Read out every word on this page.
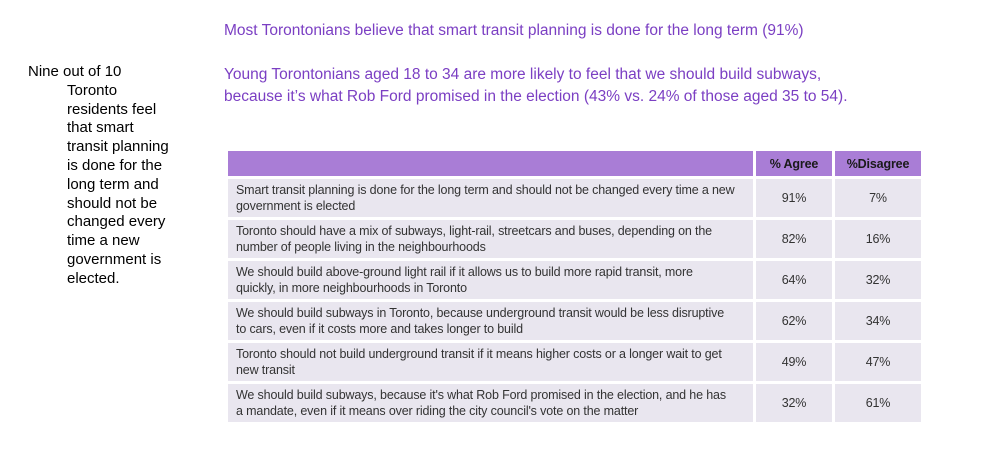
Nine out of 10
Toronto
residents feel
that smart
transit planning
is done for the
long term and
should not be
changed every
time a new
government is
elected.
Most Torontonians believe that smart transit planning is done for the long term (91%)
Young Torontonians aged 18 to 34 are more likely to feel that we should build subways, because it’s what Rob Ford promised in the election (43% vs. 24% of those aged 35 to 54).
	% Agree	%Disagree
Smart transit planning is done for the long term and should not be changed every time a new government is elected	91%	7%
Toronto should have a mix of subways, light-rail, streetcars and buses, depending on the number of people living in the neighbourhoods	82%	16%
We should build above-ground light rail if it allows us to build more rapid transit, more quickly, in more neighbourhoods in Toronto	64%	32%
We should build subways in Toronto, because underground transit would be less disruptive to cars, even if it costs more and takes longer to build	62%	34%
Toronto should not build underground transit if it means higher costs or a longer wait to get new transit	49%	47%
We should build subways, because it's what Rob Ford promised in the election, and he has a mandate, even if it means over riding the city council's vote on the matter	32%	61%
